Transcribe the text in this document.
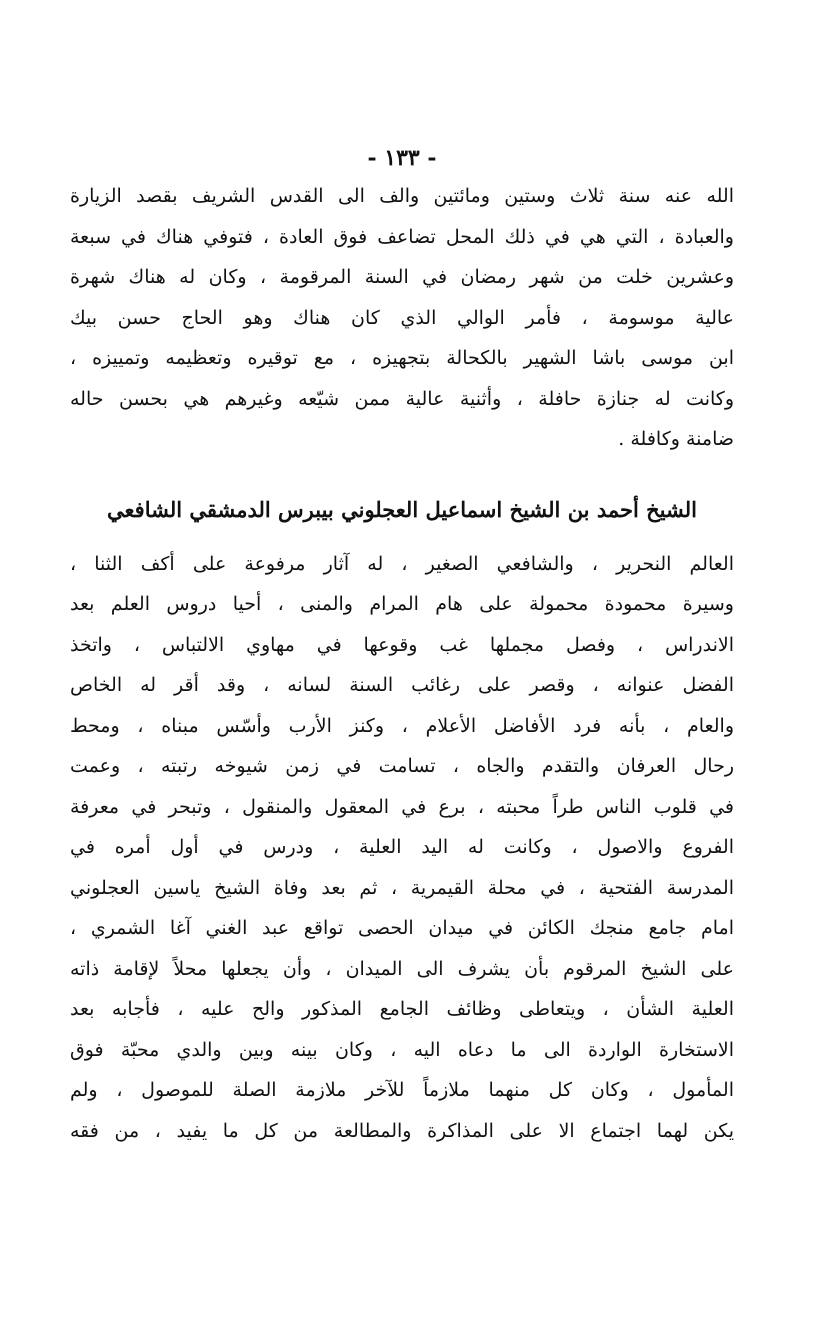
- ١٣٣ -
الله عنه سنة ثلاث وستين ومائتين والف الى القدس الشريف بقصد الزيارة
والعبادة ، التي هي في ذلك المحل تضاعف فوق العادة ، فتوفي هناك في سبعة
وعشرين خلت من شهر رمضان في السنة المرقومة ، وكان له هناك شهرة
عالية موسومة ، فأمر الوالي الذي كان هناك وهو الحاج حسن بيك
ابن موسى باشا الشهير بالكحالة بتجهيزه ، مع توقيره وتعظيمه وتمييزه ،
وكانت له جنازة حافلة ، وأثنية عالية ممن شيّعه وغيرهم هي بحسن حاله
ضامنة وكافلة .
الشيخ أحمد بن الشيخ اسماعيل العجلوني بيبرس الدمشقي الشافعي
العالم النحرير ، والشافعي الصغير ، له آثار مرفوعة على أكف الثنا ،
وسيرة محمودة محمولة على هام المرام والمنى ، أحيا دروس العلم بعد
الاندراس ، وفصل مجملها غب وقوعها في مهاوي الالتباس ، واتخذ
الفضل عنوانه ، وقصر على رغائب السنة لسانه ، وقد أقر له الخاص
والعام ، بأنه فرد الأفاضل الأعلام ، وكنز الأرب وأسّس مبناه ، ومحط
رحال العرفان والتقدم والجاه ، تسامت في زمن شيوخه رتبته ، وعمت
في قلوب الناس طراً محبته ، برع في المعقول والمنقول ، وتبحر في معرفة
الفروع والاصول ، وكانت له اليد العلية ، ودرس في أول أمره في
المدرسة الفتحية ، في محلة القيمرية ، ثم بعد وفاة الشيخ ياسين العجلوني
امام جامع منجك الكائن في ميدان الحصى تواقع عبد الغني آغا الشمري ،
على الشيخ المرقوم بأن يشرف الى الميدان ، وأن يجعلها محلاً لإقامة ذاته
العلية الشأن ، ويتعاطى وظائف الجامع المذكور والح عليه ، فأجابه بعد
الاستخارة الواردة الى ما دعاه اليه ، وكان بينه وبين والدي محبّة فوق
المأمول ، وكان كل منهما ملازماً للآخر ملازمة الصلة للموصول ، ولم
يكن لهما اجتماع الا على المذاكرة والمطالعة من كل ما يفيد ، من فقه
